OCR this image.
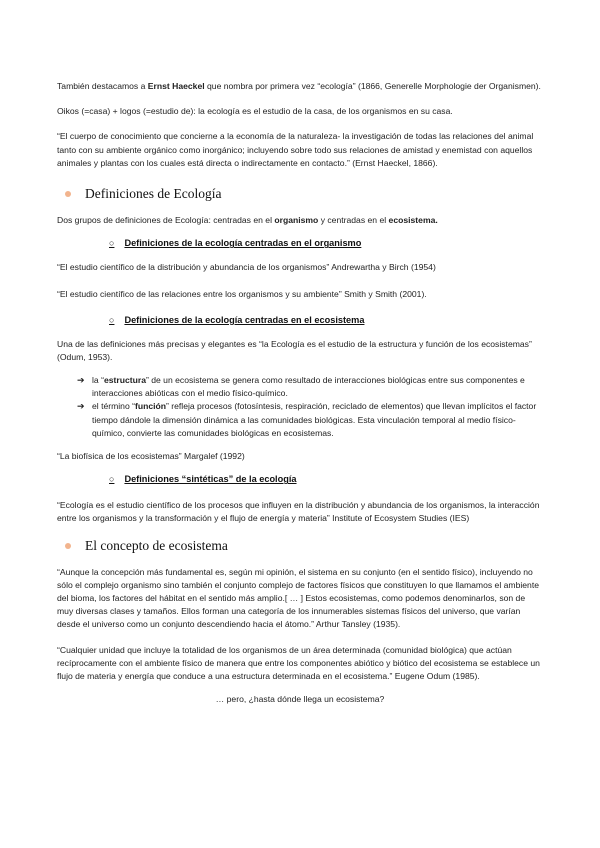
También destacamos a Ernst Haeckel que nombra por primera vez “ecología” (1866, Generelle Morphologie der Organismen).

Oikos (=casa) + logos (=estudio de): la ecología es el estudio de la casa, de los organismos en su casa.

“El cuerpo de conocimiento que concierne a la economía de la naturaleza- la investigación de todas las relaciones del animal tanto con su ambiente orgánico como inorgánico; incluyendo sobre todo sus relaciones de amistad y enemistad con aquellos animales y plantas con los cuales está directa o indirectamente en contacto.” (Ernst Haeckel, 1866).

Definiciones de Ecología

Dos grupos de definiciones de Ecología: centradas en el organismo y centradas en el ecosistema.

○ Definiciones de la ecología centradas en el organismo

“El estudio científico de la distribución y abundancia de los organismos” Andrewartha y Birch (1954)

“El estudio científico de las relaciones entre los organismos y su ambiente” Smith y Smith (2001).

○ Definiciones de la ecología centradas en el ecosistema

Una de las definiciones más precisas y elegantes es “la Ecología es el estudio de la estructura y función de los ecosistemas” (Odum, 1953).

➔ la “estructura” de un ecosistema se genera como resultado de interacciones biológicas entre sus componentes e interacciones abióticas con el medio físico-químico.
➔ el término “función” refleja procesos (fotosíntesis, respiración, reciclado de elementos) que llevan implícitos el factor tiempo dándole la dimensión dinámica a las comunidades biológicas. Esta vinculación temporal al medio físico-químico, convierte las comunidades biológicas en ecosistemas.

“La biofísica de los ecosistemas” Margalef (1992)

○ Definiciones “sintéticas” de la ecología

“Ecología es el estudio científico de los procesos que influyen en la distribución y abundancia de los organismos, la interacción entre los organismos y la transformación y el flujo de energía y materia” Institute of Ecosystem Studies (IES)

El concepto de ecosistema

“Aunque la concepción más fundamental es, según mi opinión, el sistema en su conjunto (en el sentido físico), incluyendo no sólo el complejo organismo sino también el conjunto complejo de factores físicos que constituyen lo que llamamos el ambiente del bioma, los factores del hábitat en el sentido más amplio.[ … ] Estos ecosistemas, como podemos denominarlos, son de muy diversas clases y tamaños. Ellos forman una categoría de los innumerables sistemas físicos del universo, que varían desde el universo como un conjunto descendiendo hacia el átomo.” Arthur Tansley (1935).

“Cualquier unidad que incluye la totalidad de los organismos de un área determinada (comunidad biológica) que actúan recíprocamente con el ambiente físico de manera que entre los componentes abiótico y biótico del ecosistema se establece un flujo de materia y energía que conduce a una estructura determinada en el ecosistema.” Eugene Odum (1985).

… pero, ¿hasta dónde llega un ecosistema?
